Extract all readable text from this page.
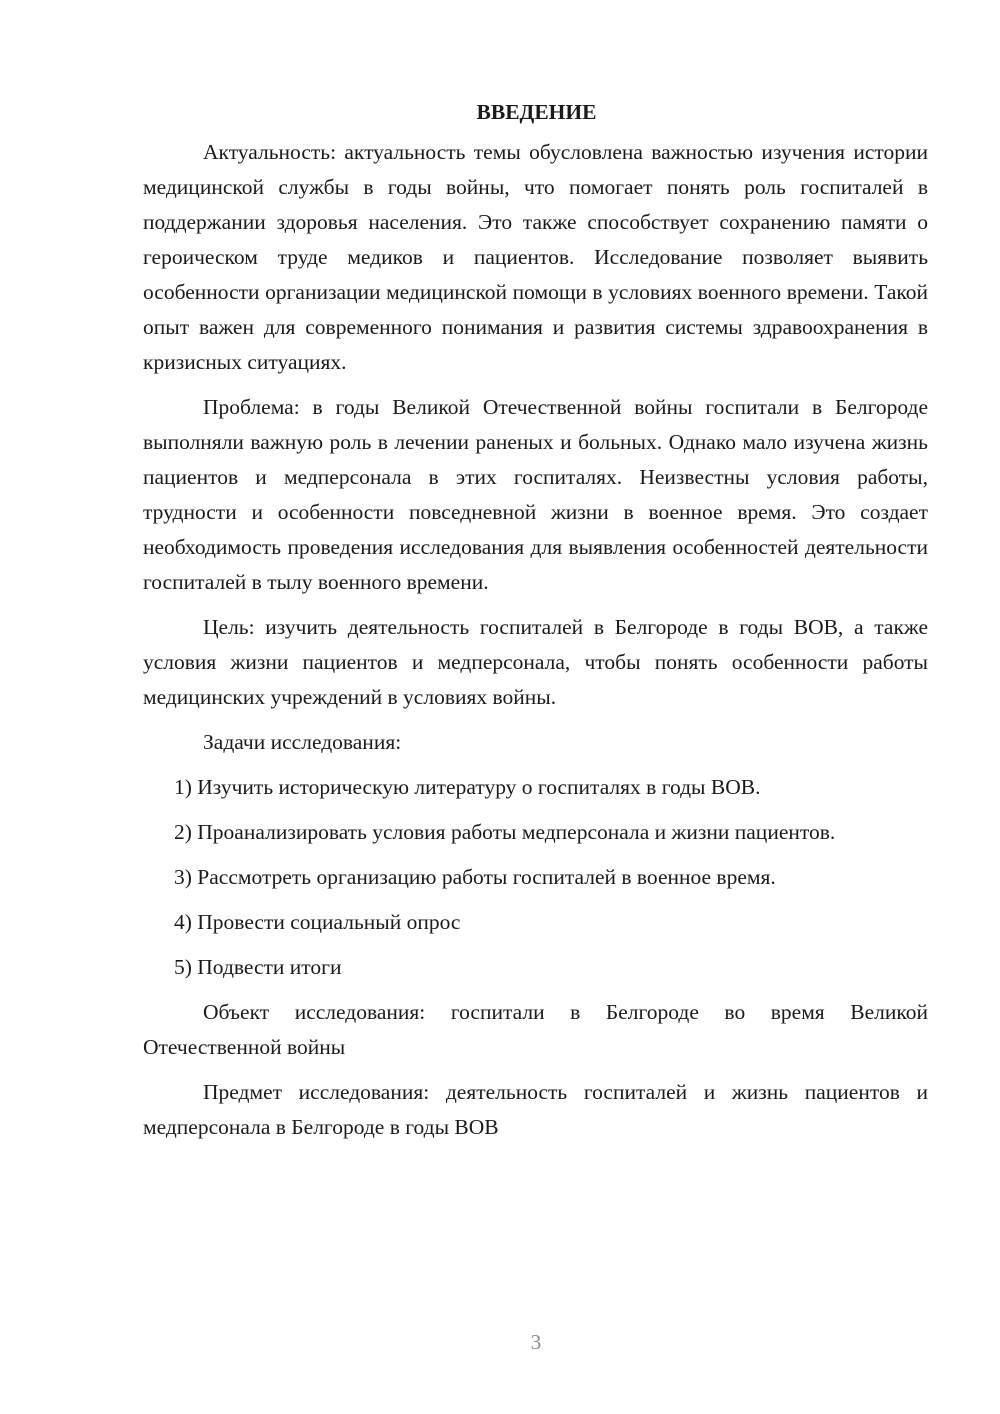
ВВЕДЕНИЕ

Актуальность: актуальность темы обусловлена важностью изучения истории медицинской службы в годы войны, что помогает понять роль госпиталей в поддержании здоровья населения. Это также способствует сохранению памяти о героическом труде медиков и пациентов. Исследование позволяет выявить особенности организации медицинской помощи в условиях военного времени. Такой опыт важен для современного понимания и развития системы здравоохранения в кризисных ситуациях.

Проблема: в годы Великой Отечественной войны госпитали в Белгороде выполняли важную роль в лечении раненых и больных. Однако мало изучена жизнь пациентов и медперсонала в этих госпиталях. Неизвестны условия работы, трудности и особенности повседневной жизни в военное время. Это создает необходимость проведения исследования для выявления особенностей деятельности госпиталей в тылу военного времени.

Цель: изучить деятельность госпиталей в Белгороде в годы ВОВ, а также условия жизни пациентов и медперсонала, чтобы понять особенности работы медицинских учреждений в условиях войны.

Задачи исследования:

1) Изучить историческую литературу о госпиталях в годы ВОВ.

2) Проанализировать условия работы медперсонала и жизни пациентов.

3) Рассмотреть организацию работы госпиталей в военное время.

4) Провести социальный опрос

5) Подвести итоги

Объект исследования: госпитали в Белгороде во время Великой Отечественной войны

Предмет исследования: деятельность госпиталей и жизнь пациентов и медперсонала в Белгороде в годы ВОВ

3
